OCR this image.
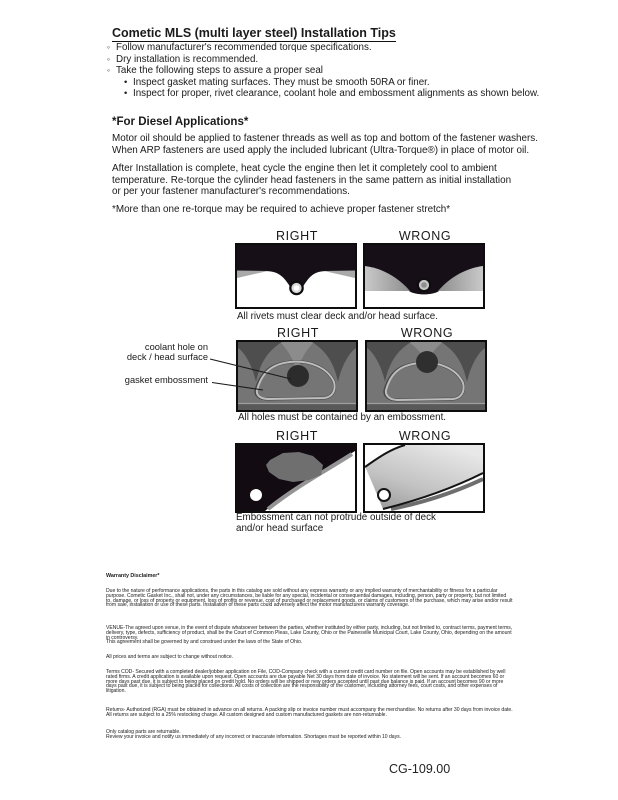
Cometic MLS (multi layer steel) Installation Tips
◦ Follow manufacturer's recommended torque specifications.
◦ Dry installation is recommended.
◦ Take the following steps to assure a proper seal
• Inspect gasket mating surfaces. They must be smooth 50RA or finer.
• Inspect for proper, rivet clearance, coolant hole and embossment alignments as shown below.
*For Diesel Applications*
Motor oil should be applied to fastener threads as well as top and bottom of the fastener washers.
When ARP fasteners are used apply the included lubricant (Ultra-Torque®) in place of motor oil.
After Installation is complete, heat cycle the engine then let it completely cool to ambient
temperature. Re-torque the cylinder head fasteners in the same pattern as initial installation
or per your fastener manufacturer's recommendations.
*More than one re-torque may be required to achieve proper fastener stretch*
RIGHT	WRONG
All rivets must clear deck and/or head surface.
RIGHT	WRONG
coolant hole on
deck / head surface
gasket embossment
All holes must be contained by an embossment.
RIGHT	WRONG
Embossment can not protrude outside of deck
and/or head surface
Warranty Disclaimer*
Due to the nature of performance applications, the parts in this catalog are sold without any express warranty or any implied warranty of merchantability or fitness for a particular purpose. Cometic Gasket Inc., shall not, under any circumstances, be liable for any special, incidental or consequential damages, including, person, party or property, but not limited to, damage, or loss of property or equipment, loss of profits or revenue, cost of purchased or replacement goods, or claims of customers of the purchase, which may arise and/or result from sale, installation or use of these parts. Installation of these parts could adversely affect the motor manufacturers warranty coverage.
VENUE-The agreed upon venue, in the event of dispute whatsoever between the parties, whether instituted by either party, including, but not limited to, contract terms, payment terms, delivery, type, defects, sufficiency of product, shall be the Court of Common Pleas, Lake County, Ohio or the Painesville Municipal Court, Lake County, Ohio, depending on the amount in controversy.
This agreement shall be governed by and construed under the laws of the State of Ohio.
All prices and terms are subject to change without notice.
Terms COD- Secured with a completed dealer/jobber application on File, COD-Company check with a current credit card number on file. Open accounts may be established by well rated firms. A credit application is available upon request. Open accounts are due payable Net 30 days from date of invoice. No statement will be sent. If an account becomes 60 or more days past due, it is subject to being placed on credit hold. No orders will be shipped or new orders accepted until past due balance is paid. If an account becomes 90 or more days past due, it is subject to being placed for collections. All costs of collection are the responsibility of the customer, including attorney fees, court costs, and other expenses of litigation.
Returns- Authorized (RGA) must be obtained in advance on all returns. A packing slip or invoice number must accompany the merchandise. No returns after 30 days from invoice date. All returns are subject to a 25% restocking charge. All custom designed and custom manufactured gaskets are non-returnable.
Only catalog parts are returnable.
Review your invoice and notify us immediately of any incorrect or inaccurate information. Shortages must be reported within 10 days.
CG-109.00
